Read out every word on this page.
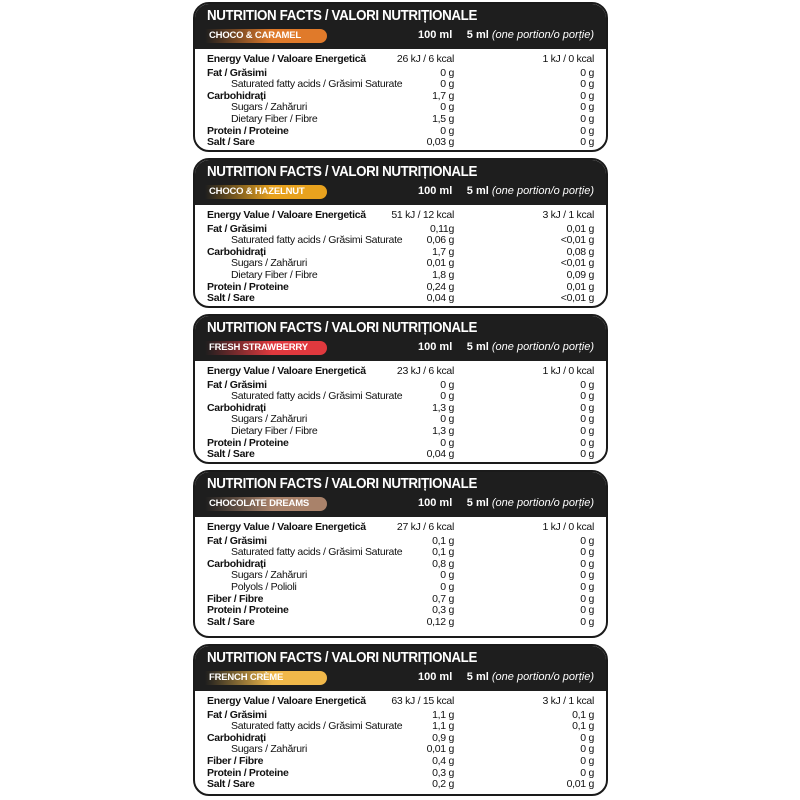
NUTRITION FACTS / VALORI NUTRIȚIONALE
CHOCO & CARAMEL	100 ml 5 ml (one portion/o porție)
Energy Value / Valoare Energetică	26 kJ / 6 kcal	1 kJ / 0 kcal
Fat / Grăsimi	0 g	0 g
Saturated fatty acids / Grăsimi Saturate	0 g	0 g
Carbohidrați	1,7 g	0 g
Sugars / Zahăruri	0 g	0 g
Dietary Fiber / Fibre	1,5 g	0 g
Protein / Proteine	0 g	0 g
Salt / Sare	0,03 g	0 g
NUTRITION FACTS / VALORI NUTRIȚIONALE
CHOCO & HAZELNUT	100 ml 5 ml (one portion/o porție)
Energy Value / Valoare Energetică 51 kJ / 12 kcal	3 kJ / 1 kcal
Fat / Grăsimi	0,11g	0,01 g
Saturated fatty acids / Grăsimi Saturate 0,06 g	<0,01 g
Carbohidrați	1,7 g	0,08 g
Sugars / Zahăruri	0,01 g	<0,01 g
Dietary Fiber / Fibre	1,8 g	0,09 g
Protein / Proteine	0,24 g	0,01 g
Salt / Sare	0,04 g	<0,01 g
NUTRITION FACTS / VALORI NUTRIȚIONALE
FRESH STRAWBERRY	100 ml 5 ml (one portion/o porție)
Energy Value / Valoare Energetică	23 kJ / 6 kcal	1 kJ / 0 kcal
Fat / Grăsimi	0 g	0 g
Saturated fatty acids / Grăsimi Saturate	0 g	0 g
Carbohidrați	1,3 g	0 g
Sugars / Zahăruri	0 g	0 g
Dietary Fiber / Fibre	1,3 g	0 g
Protein / Proteine	0 g	0 g
Salt / Sare	0,04 g	0 g
NUTRITION FACTS / VALORI NUTRIȚIONALE
CHOCOLATE DREAMS	100 ml 5 ml (one portion/o porție)
Energy Value / Valoare Energetică	27 kJ / 6 kcal	1 kJ / 0 kcal
Fat / Grăsimi	0,1 g	0 g
Saturated fatty acids / Grăsimi Saturate	0,1 g	0 g
Carbohidrați	0,8 g	0 g
Sugars / Zahăruri	0 g	0 g
Polyols / Polioli	0 g	0 g
Fiber / Fibre	0,7 g	0 g
Protein / Proteine	0,3 g	0 g
Salt / Sare	0,12 g	0 g
NUTRITION FACTS / VALORI NUTRIȚIONALE
FRENCH CRÈME	100 ml 5 ml (one portion/o porție)
Energy Value / Valoare Energetică 63 kJ / 15 kcal	3 kJ / 1 kcal
Fat / Grăsimi	1,1 g	0,1 g
Saturated fatty acids / Grăsimi Saturate	1,1 g	0,1 g
Carbohidrați	0,9 g	0 g
Sugars / Zahăruri	0,01 g	0 g
Fiber / Fibre	0,4 g	0 g
Protein / Proteine	0,3 g	0 g
Salt / Sare	0,2 g	0,01 g
